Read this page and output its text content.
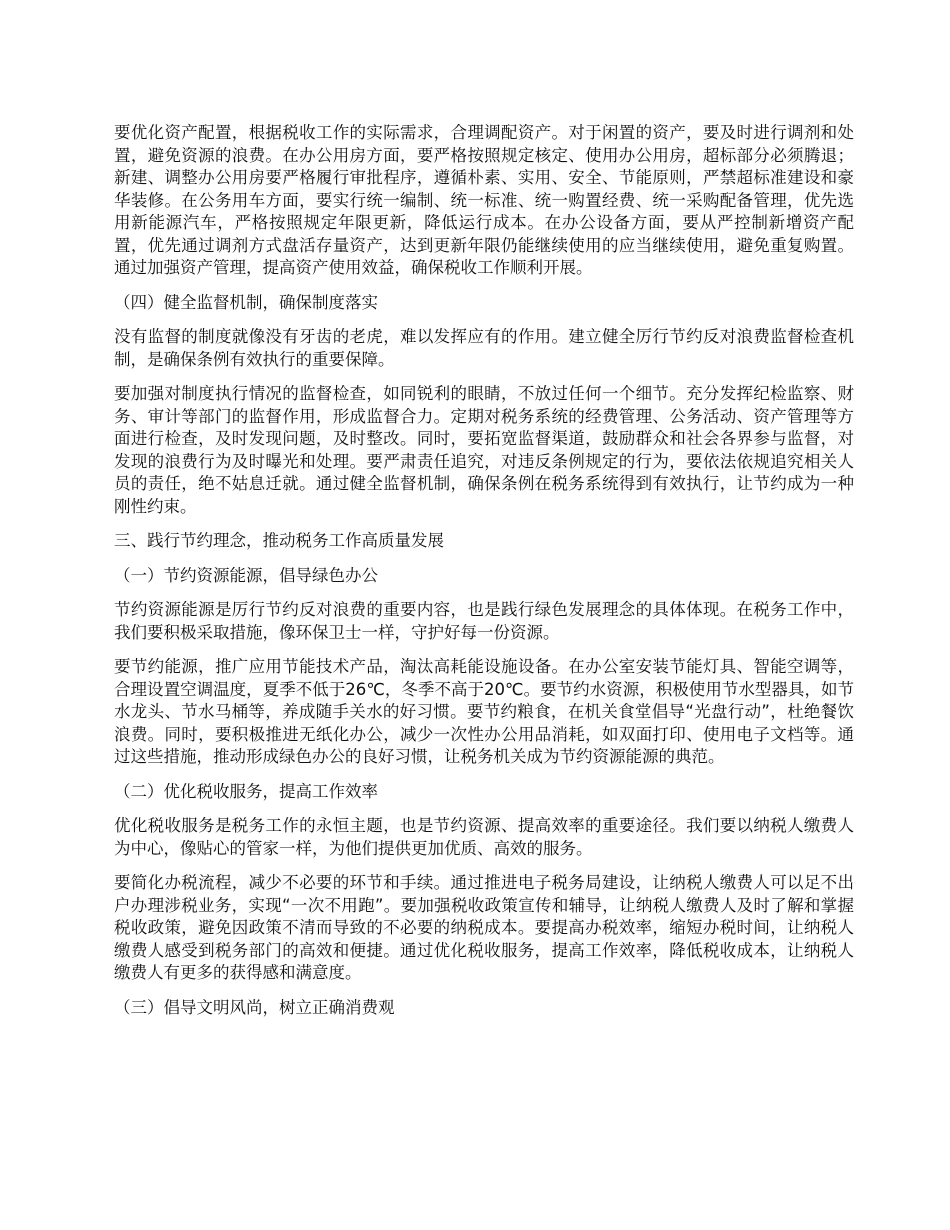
要优化资产配置，根据税收工作的实际需求，合理调配资产。对于闲置的资产，要及时进行调剂和处置，避免资源的浪费。在办公用房方面，要严格按照规定核定、使用办公用房，超标部分必须腾退；新建、调整办公用房要严格履行审批程序，遵循朴素、实用、安全、节能原则，严禁超标准建设和豪华装修。在公务用车方面，要实行统一编制、统一标准、统一购置经费、统一采购配备管理，优先选用新能源汽车，严格按照规定年限更新，降低运行成本。在办公设备方面，要从严控制新增资产配置，优先通过调剂方式盘活存量资产，达到更新年限仍能继续使用的应当继续使用，避免重复购置。通过加强资产管理，提高资产使用效益，确保税收工作顺利开展。

（四）健全监督机制，确保制度落实

没有监督的制度就像没有牙齿的老虎，难以发挥应有的作用。建立健全厉行节约反对浪费监督检查机制，是确保条例有效执行的重要保障。

要加强对制度执行情况的监督检查，如同锐利的眼睛，不放过任何一个细节。充分发挥纪检监察、财务、审计等部门的监督作用，形成监督合力。定期对税务系统的经费管理、公务活动、资产管理等方面进行检查，及时发现问题，及时整改。同时，要拓宽监督渠道，鼓励群众和社会各界参与监督，对发现的浪费行为及时曝光和处理。要严肃责任追究，对违反条例规定的行为，要依法依规追究相关人员的责任，绝不姑息迁就。通过健全监督机制，确保条例在税务系统得到有效执行，让节约成为一种刚性约束。

三、践行节约理念，推动税务工作高质量发展

（一）节约资源能源，倡导绿色办公

节约资源能源是厉行节约反对浪费的重要内容，也是践行绿色发展理念的具体体现。在税务工作中，我们要积极采取措施，像环保卫士一样，守护好每一份资源。

要节约能源，推广应用节能技术产品，淘汰高耗能设施设备。在办公室安装节能灯具、智能空调等，合理设置空调温度，夏季不低于26℃，冬季不高于20℃。要节约水资源，积极使用节水型器具，如节水龙头、节水马桶等，养成随手关水的好习惯。要节约粮食，在机关食堂倡导“光盘行动”，杜绝餐饮浪费。同时，要积极推进无纸化办公，减少一次性办公用品消耗，如双面打印、使用电子文档等。通过这些措施，推动形成绿色办公的良好习惯，让税务机关成为节约资源能源的典范。

（二）优化税收服务，提高工作效率

优化税收服务是税务工作的永恒主题，也是节约资源、提高效率的重要途径。我们要以纳税人缴费人为中心，像贴心的管家一样，为他们提供更加优质、高效的服务。

要简化办税流程，减少不必要的环节和手续。通过推进电子税务局建设，让纳税人缴费人可以足不出户办理涉税业务，实现“一次不用跑”。要加强税收政策宣传和辅导，让纳税人缴费人及时了解和掌握税收政策，避免因政策不清而导致的不必要的纳税成本。要提高办税效率，缩短办税时间，让纳税人缴费人感受到税务部门的高效和便捷。通过优化税收服务，提高工作效率，降低税收成本，让纳税人缴费人有更多的获得感和满意度。

（三）倡导文明风尚，树立正确消费观
